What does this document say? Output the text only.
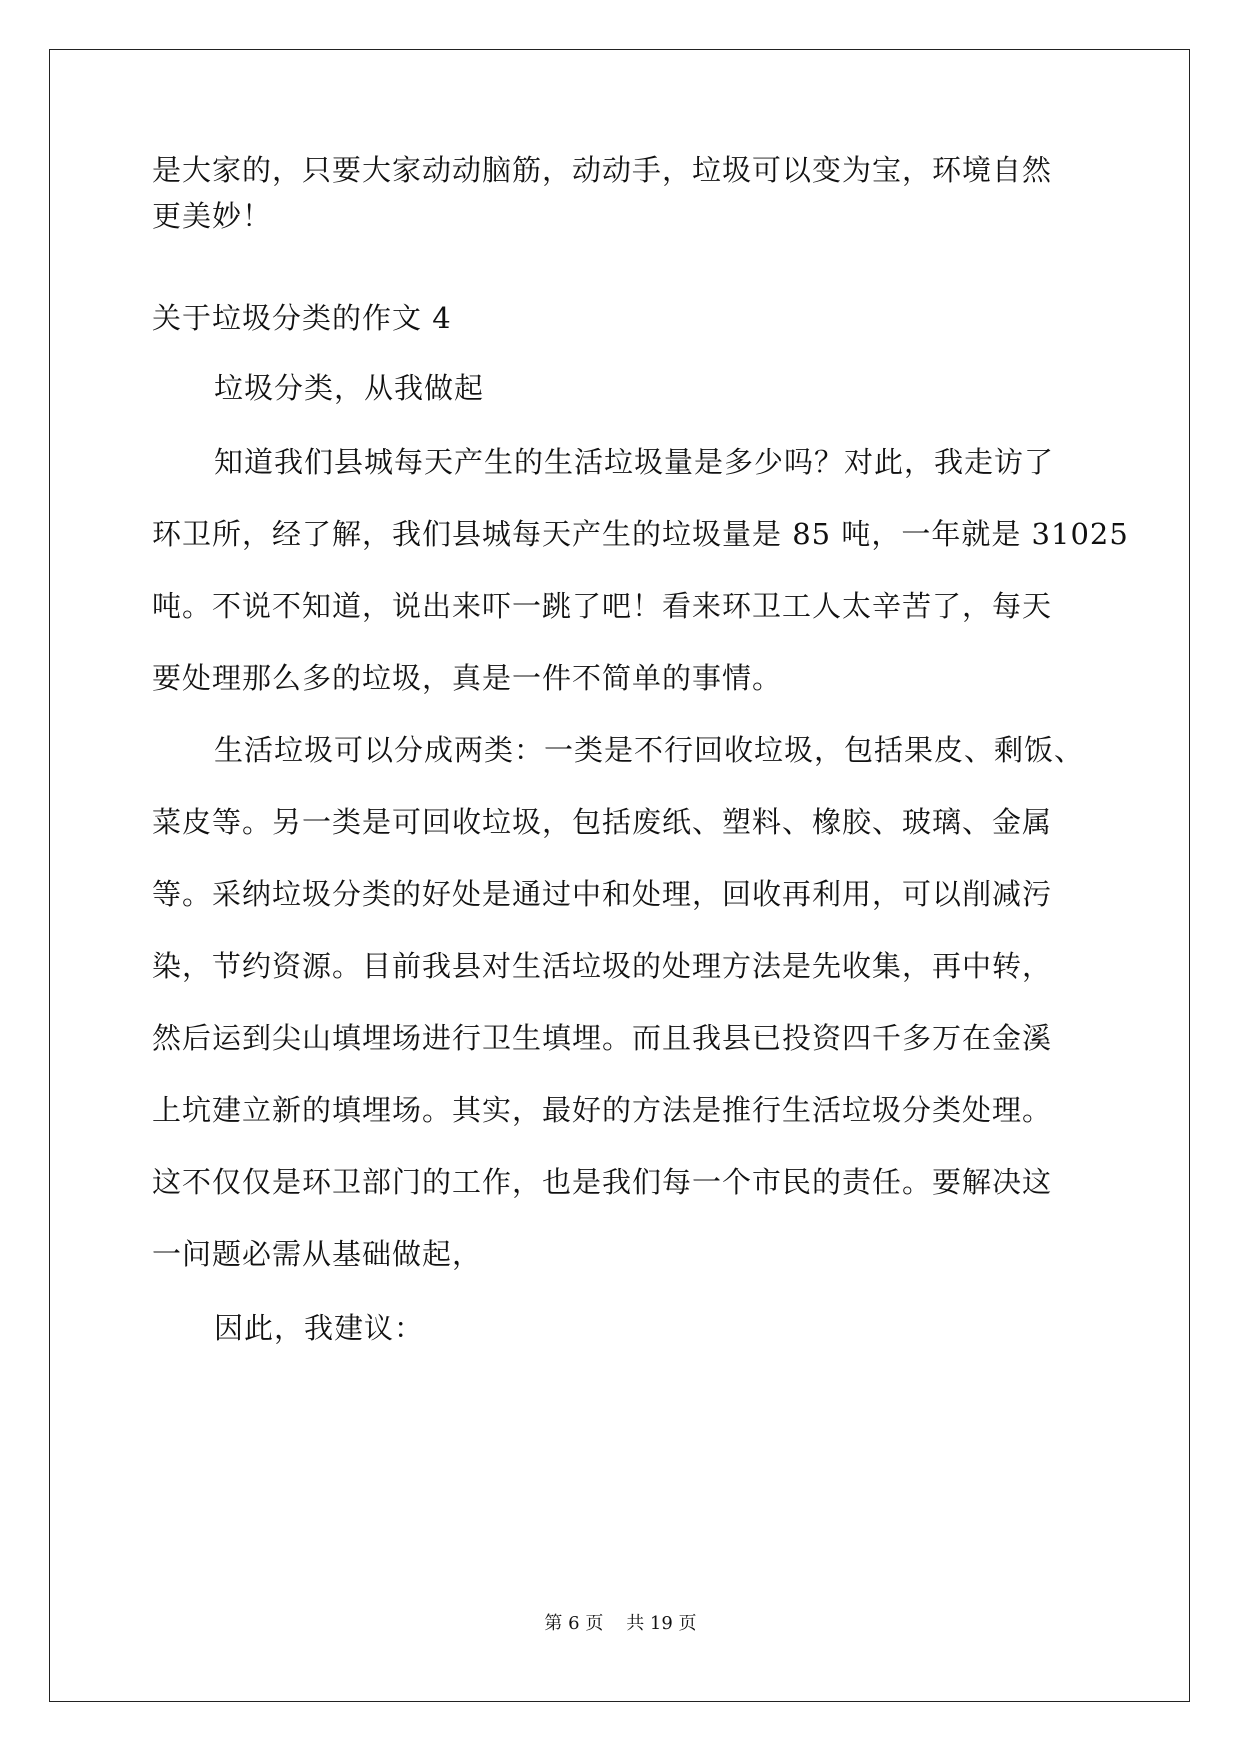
是大家的，只要大家动动脑筋，动动手，垃圾可以变为宝，环境自然
更美妙！
关于垃圾分类的作文 4
垃圾分类，从我做起
知道我们县城每天产生的生活垃圾量是多少吗？对此，我走访了
环卫所，经了解，我们县城每天产生的垃圾量是 85 吨，一年就是 31025
吨。不说不知道，说出来吓一跳了吧！看来环卫工人太辛苦了，每天
要处理那么多的垃圾，真是一件不简单的事情。
生活垃圾可以分成两类：一类是不行回收垃圾，包括果皮、剩饭、
菜皮等。另一类是可回收垃圾，包括废纸、塑料、橡胶、玻璃、金属
等。采纳垃圾分类的好处是通过中和处理，回收再利用，可以削减污
染，节约资源。目前我县对生活垃圾的处理方法是先收集，再中转，
然后运到尖山填埋场进行卫生填埋。而且我县已投资四千多万在金溪
上坑建立新的填埋场。其实，最好的方法是推行生活垃圾分类处理。
这不仅仅是环卫部门的工作，也是我们每一个市民的责任。要解决这
一问题必需从基础做起，
因此，我建议：
第 6 页    共 19 页
